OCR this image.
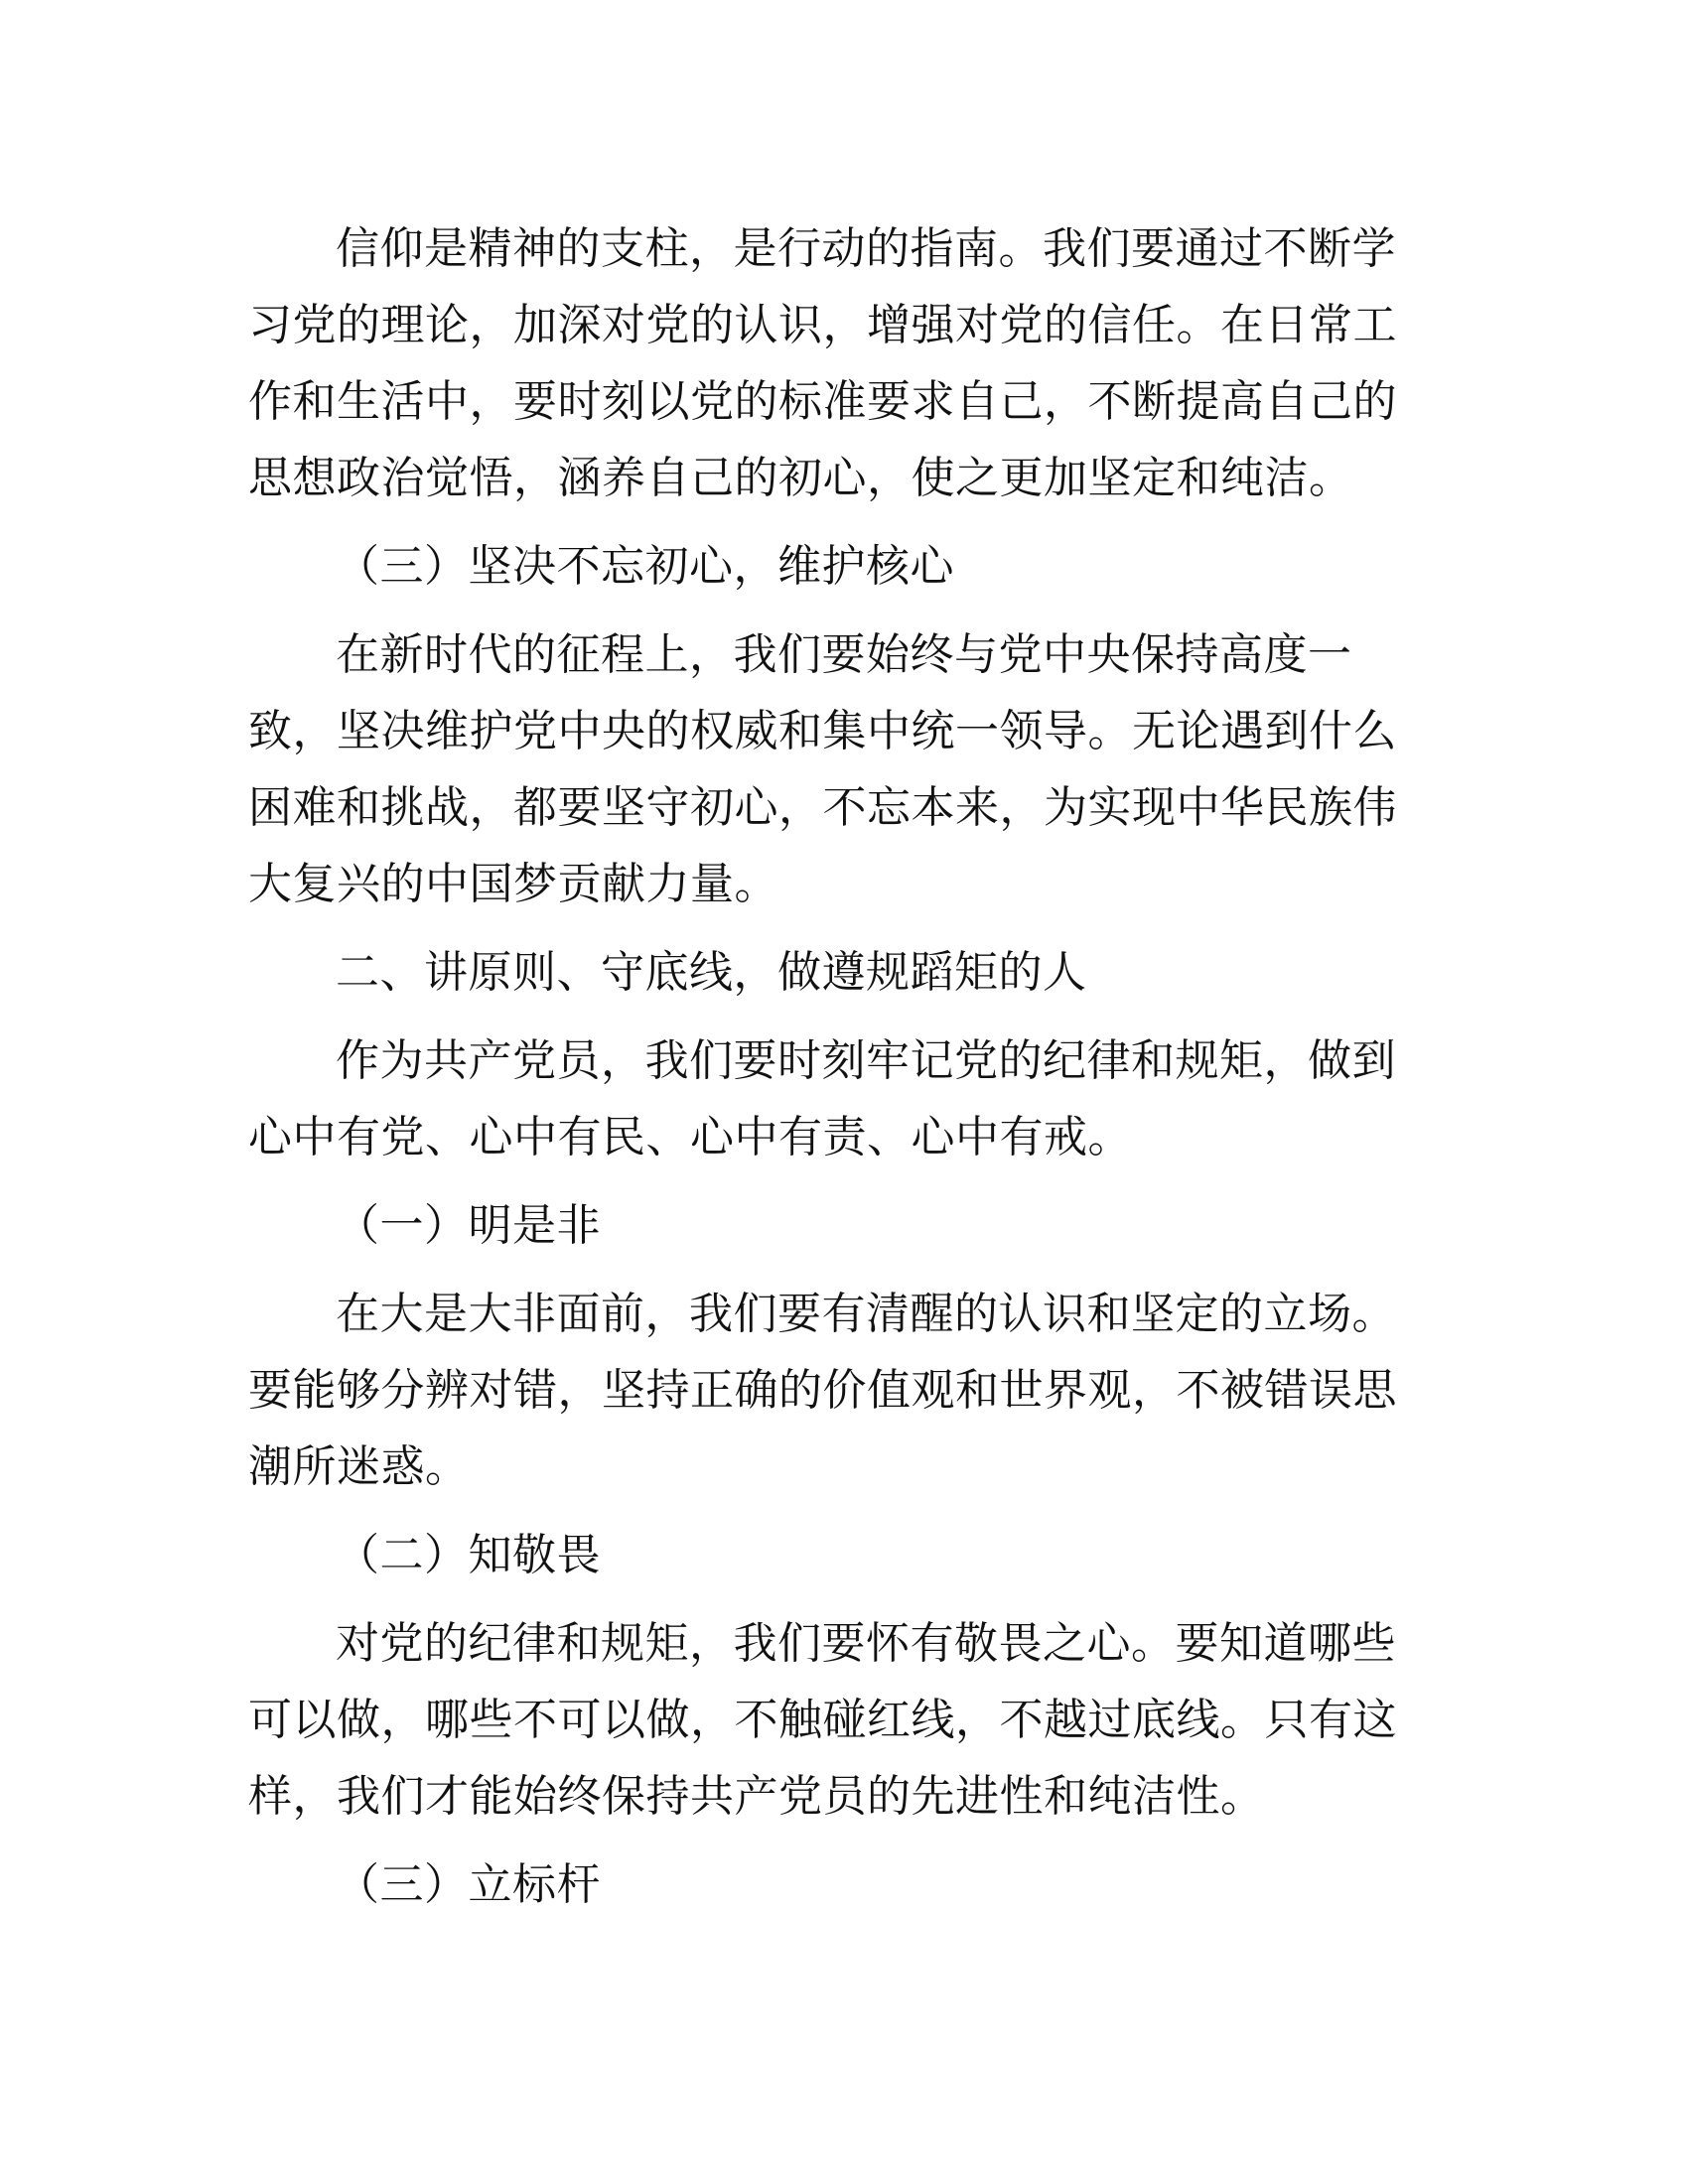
信仰是精神的支柱，是行动的指南。我们要通过不断学习党的理论，加深对党的认识，增强对党的信任。在日常工作和生活中，要时刻以党的标准要求自己，不断提高自己的思想政治觉悟，涵养自己的初心，使之更加坚定和纯洁。

（三）坚决不忘初心，维护核心

在新时代的征程上，我们要始终与党中央保持高度一致，坚决维护党中央的权威和集中统一领导。无论遇到什么困难和挑战，都要坚守初心，不忘本来，为实现中华民族伟大复兴的中国梦贡献力量。

二、讲原则、守底线，做遵规蹈矩的人

作为共产党员，我们要时刻牢记党的纪律和规矩，做到心中有党、心中有民、心中有责、心中有戒。

（一）明是非

在大是大非面前，我们要有清醒的认识和坚定的立场。要能够分辨对错，坚持正确的价值观和世界观，不被错误思潮所迷惑。

（二）知敬畏

对党的纪律和规矩，我们要怀有敬畏之心。要知道哪些可以做，哪些不可以做，不触碰红线，不越过底线。只有这样，我们才能始终保持共产党员的先进性和纯洁性。

（三）立标杆
